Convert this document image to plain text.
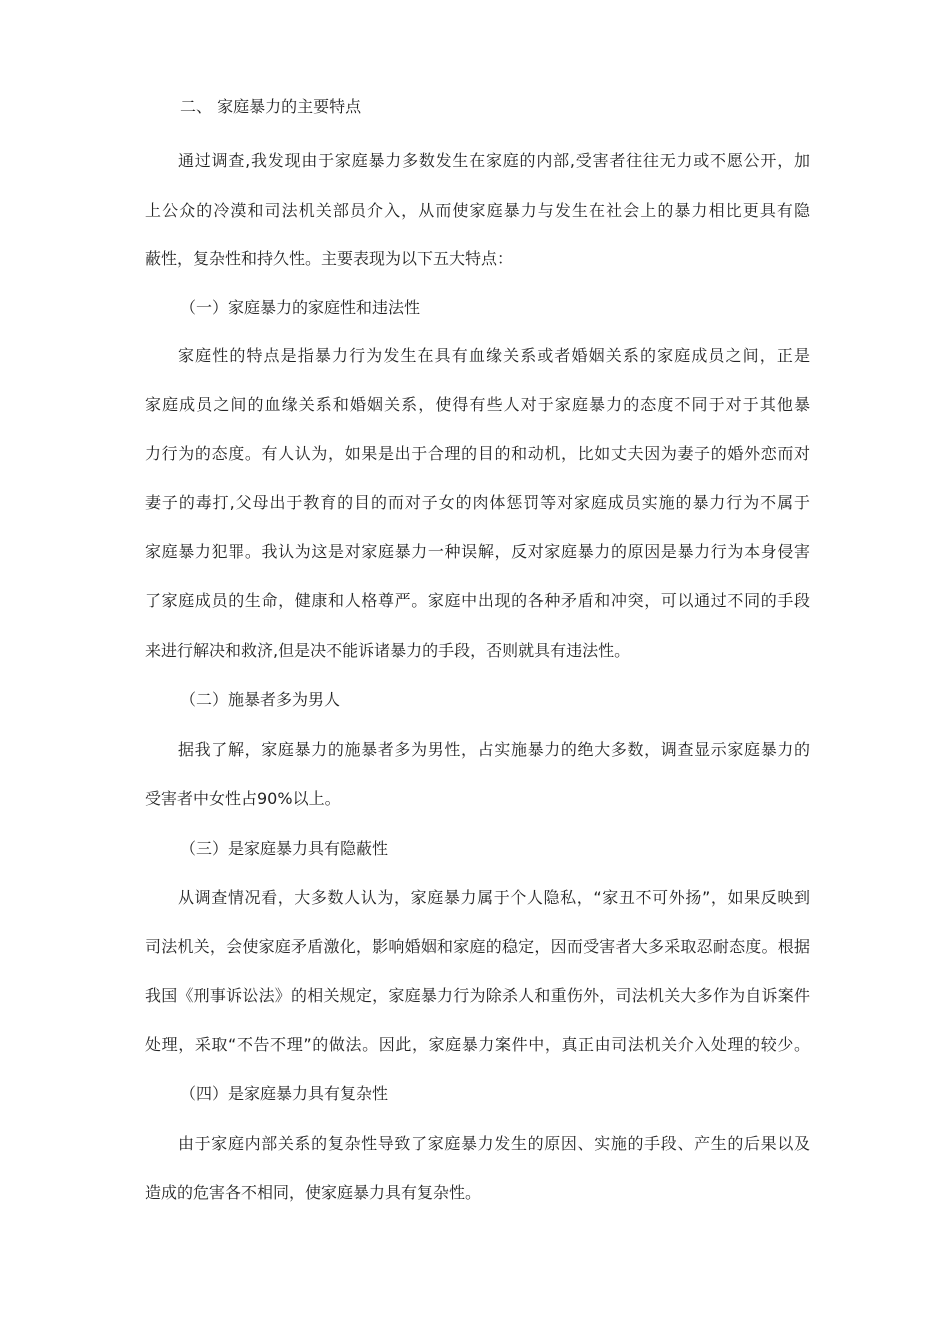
二、 家庭暴力的主要特点
通过调查,我发现由于家庭暴力多数发生在家庭的内部,受害者往往无力或不愿公开，加
上公众的冷漠和司法机关部员介入，从而使家庭暴力与发生在社会上的暴力相比更具有隐
蔽性，复杂性和持久性。主要表现为以下五大特点：
（一）家庭暴力的家庭性和违法性
家庭性的特点是指暴力行为发生在具有血缘关系或者婚姻关系的家庭成员之间，正是
家庭成员之间的血缘关系和婚姻关系，使得有些人对于家庭暴力的态度不同于对于其他暴
力行为的态度。有人认为，如果是出于合理的目的和动机，比如丈夫因为妻子的婚外恋而对
妻子的毒打,父母出于教育的目的而对子女的肉体惩罚等对家庭成员实施的暴力行为不属于
家庭暴力犯罪。我认为这是对家庭暴力一种误解，反对家庭暴力的原因是暴力行为本身侵害
了家庭成员的生命，健康和人格尊严。家庭中出现的各种矛盾和冲突，可以通过不同的手段
来进行解决和救济,但是决不能诉诸暴力的手段，否则就具有违法性。
（二）施暴者多为男人
据我了解，家庭暴力的施暴者多为男性，占实施暴力的绝大多数，调查显示家庭暴力的
受害者中女性占90%以上。
（三）是家庭暴力具有隐蔽性
从调查情况看，大多数人认为，家庭暴力属于个人隐私，“家丑不可外扬”，如果反映到
司法机关，会使家庭矛盾激化，影响婚姻和家庭的稳定，因而受害者大多采取忍耐态度。根据
我国《刑事诉讼法》的相关规定，家庭暴力行为除杀人和重伤外，司法机关大多作为自诉案件
处理，采取“不告不理”的做法。因此，家庭暴力案件中，真正由司法机关介入处理的较少。
（四）是家庭暴力具有复杂性
由于家庭内部关系的复杂性导致了家庭暴力发生的原因、实施的手段、产生的后果以及
造成的危害各不相同，使家庭暴力具有复杂性。
